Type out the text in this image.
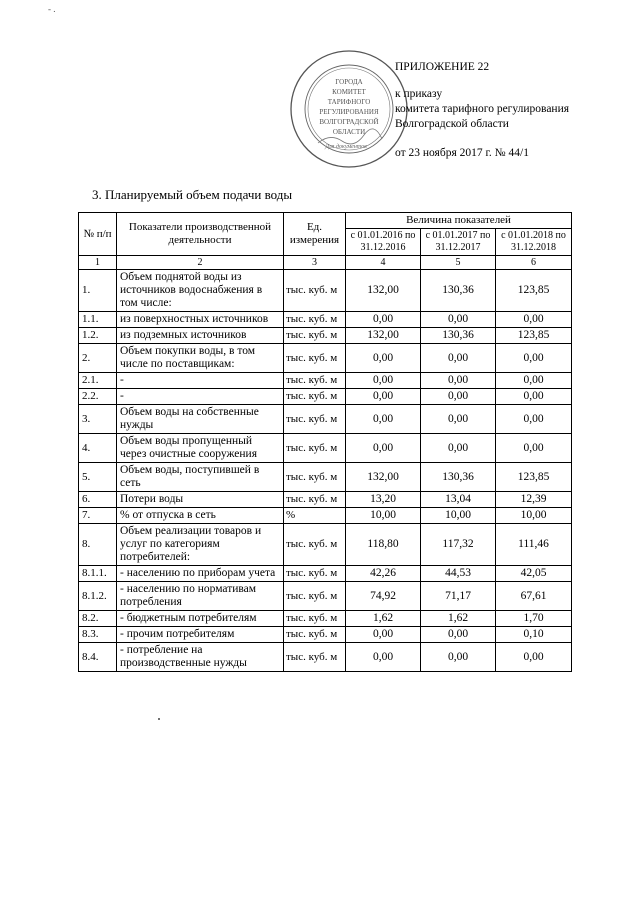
- .
ГОРОДА
КОМИТЕТ
ТАРИФНОГО
РЕГУЛИРОВАНИЯ
ВОЛГОГРАДСКОЙ
ОБЛАСТИ
Для документов
ПРИЛОЖЕНИЕ 22
к приказу
комитета тарифного регулирования
Волгоградской области
от 23 ноября 2017 г. № 44/1
3. Планируемый объем подачи воды
№ п/п	Показатели производственной деятельности	Ед. измерения	Величина показателей		
			с 01.01.2016 по 31.12.2016	с 01.01.2017 по 31.12.2017	с 01.01.2018 по 31.12.2018
1	2	3	4	5	6
1.	Объем поднятой воды из источников водоснабжения в том числе:	тыс. куб. м	132,00	130,36	123,85
1.1.	из поверхностных источников	тыс. куб. м	0,00	0,00	0,00
1.2.	из подземных источников	тыс. куб. м	132,00	130,36	123,85
2.	Объем покупки воды, в том числе по поставщикам:	тыс. куб. м	0,00	0,00	0,00
2.1.	-	тыс. куб. м	0,00	0,00	0,00
2.2.	-	тыс. куб. м	0,00	0,00	0,00
3.	Объем воды на собственные нужды	тыс. куб. м	0,00	0,00	0,00
4.	Объем воды пропущенный через очистные сооружения	тыс. куб. м	0,00	0,00	0,00
5.	Объем воды, поступившей в сеть	тыс. куб. м	132,00	130,36	123,85
6.	Потери воды	тыс. куб. м	13,20	13,04	12,39
7.	% от отпуска в сеть	%	10,00	10,00	10,00
8.	Объем реализации товаров и услуг по категориям потребителей:	тыс. куб. м	118,80	117,32	111,46
8.1.1.	- населению по приборам учета	тыс. куб. м	42,26	44,53	42,05
8.1.2.	- населению по нормативам потребления	тыс. куб. м	74,92	71,17	67,61
8.2.	- бюджетным потребителям	тыс. куб. м	1,62	1,62	1,70
8.3.	- прочим потребителям	тыс. куб. м	0,00	0,00	0,10
8.4.	- потребление на производственные нужды	тыс. куб. м	0,00	0,00	0,00
